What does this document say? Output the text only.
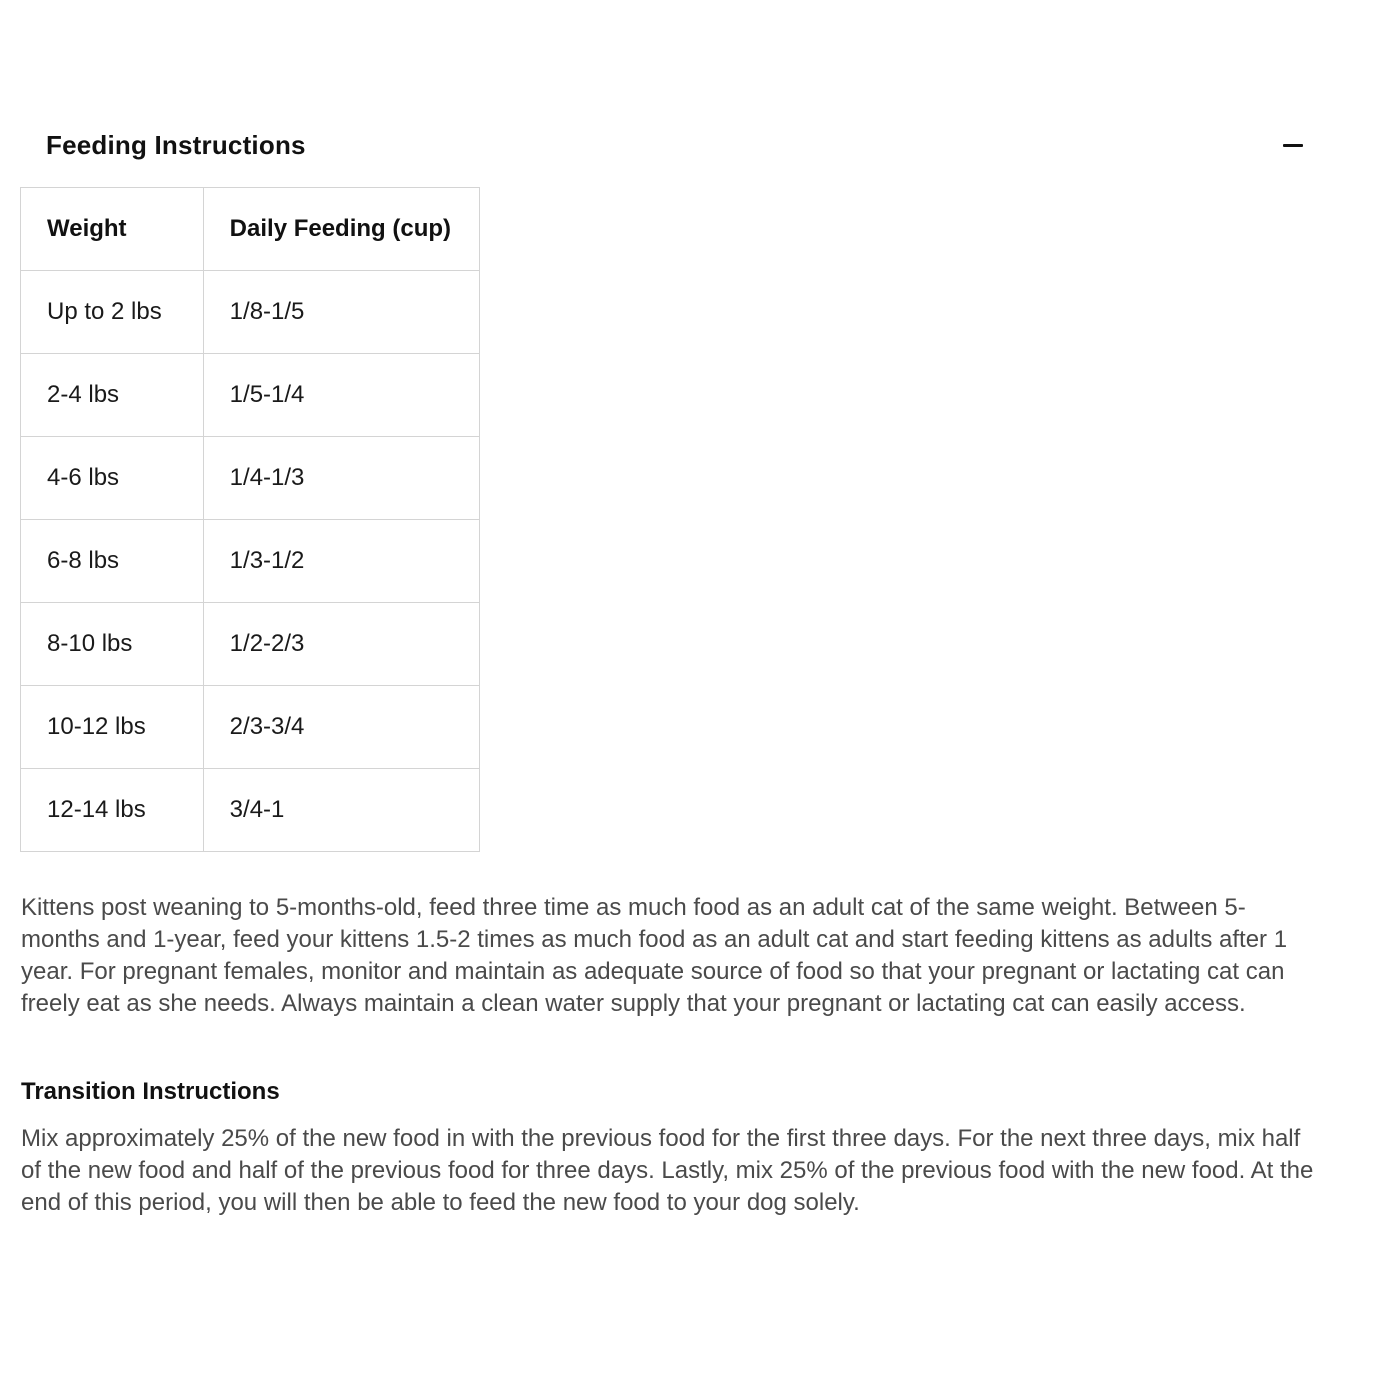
Feeding Instructions
Weight	Daily Feeding (cup)
Up to 2 lbs	1/8-1/5
2-4 lbs	1/5-1/4
4-6 lbs	1/4-1/3
6-8 lbs	1/3-1/2
8-10 lbs	1/2-2/3
10-12 lbs	2/3-3/4
12-14 lbs	3/4-1

Kittens post weaning to 5-months-old, feed three time as much food as an adult cat of the same weight. Between 5-months and 1-year, feed your kittens 1.5-2 times as much food as an adult cat and start feeding kittens as adults after 1 year. For pregnant females, monitor and maintain as adequate source of food so that your pregnant or lactating cat can freely eat as she needs. Always maintain a clean water supply that your pregnant or lactating cat can easily access.

Transition Instructions

Mix approximately 25% of the new food in with the previous food for the first three days. For the next three days, mix half of the new food and half of the previous food for three days. Lastly, mix 25% of the previous food with the new food. At the end of this period, you will then be able to feed the new food to your dog solely.
